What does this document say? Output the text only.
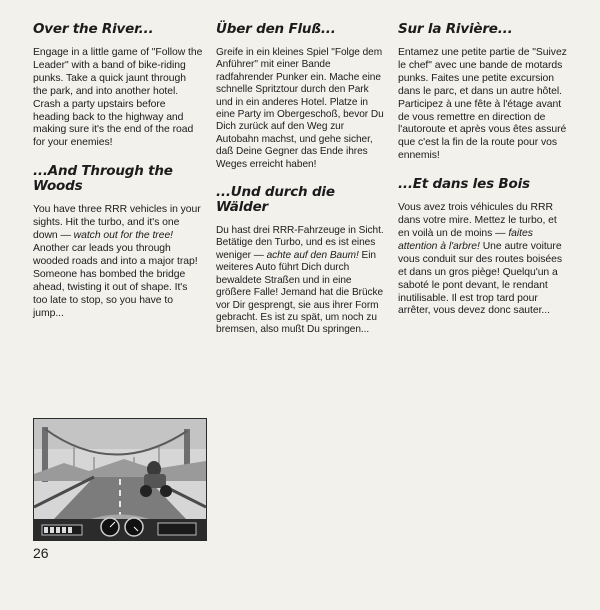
Over the River...

Engage in a little game of "Follow the Leader" with a band of bike-riding punks. Take a quick jaunt through the park, and into another hotel. Crash a party upstairs before heading back to the highway and making sure it's the end of the road for your enemies!

...And Through the Woods

You have three RRR vehicles in your sights. Hit the turbo, and it's one down — watch out for the tree! Another car leads you through wooded roads and into a major trap! Someone has bombed the bridge ahead, twisting it out of shape. It's too late to stop, so you have to jump...

Über den Fluß...

Greife in ein kleines Spiel "Folge dem Anführer" mit einer Bande radfahrender Punker ein. Mache eine schnelle Spritztour durch den Park und in ein anderes Hotel. Platze in eine Party im Obergeschoß, bevor Du Dich zurück auf den Weg zur Autobahn machst, und gehe sicher, daß Deine Gegner das Ende ihres Weges erreicht haben!

...Und durch die Wälder

Du hast drei RRR-Fahrzeuge in Sicht. Betätige den Turbo, und es ist eines weniger — achte auf den Baum! Ein weiteres Auto führt Dich durch bewaldete Straßen und in eine größere Falle! Jemand hat die Brücke vor Dir gesprengt, sie aus ihrer Form gebracht. Es ist zu spät, um noch zu bremsen, also mußt Du springen...

Sur la Rivière...

Entamez une petite partie de "Suivez le chef" avec une bande de motards punks. Faites une petite excursion dans le parc, et dans un autre hôtel. Participez à une fête à l'étage avant de vous remettre en direction de l'autoroute et après vous êtes assuré que c'est la fin de la route pour vos ennemis!

...Et dans les Bois

Vous avez trois véhicules du RRR dans votre mire. Mettez le turbo, et en voilà un de moins — faites attention à l'arbre! Une autre voiture vous conduit sur des routes boisées et dans un gros piège! Quelqu'un a saboté le pont devant, le rendant inutilisable. Il est trop tard pour arrêter, vous devez donc sauter...

26
